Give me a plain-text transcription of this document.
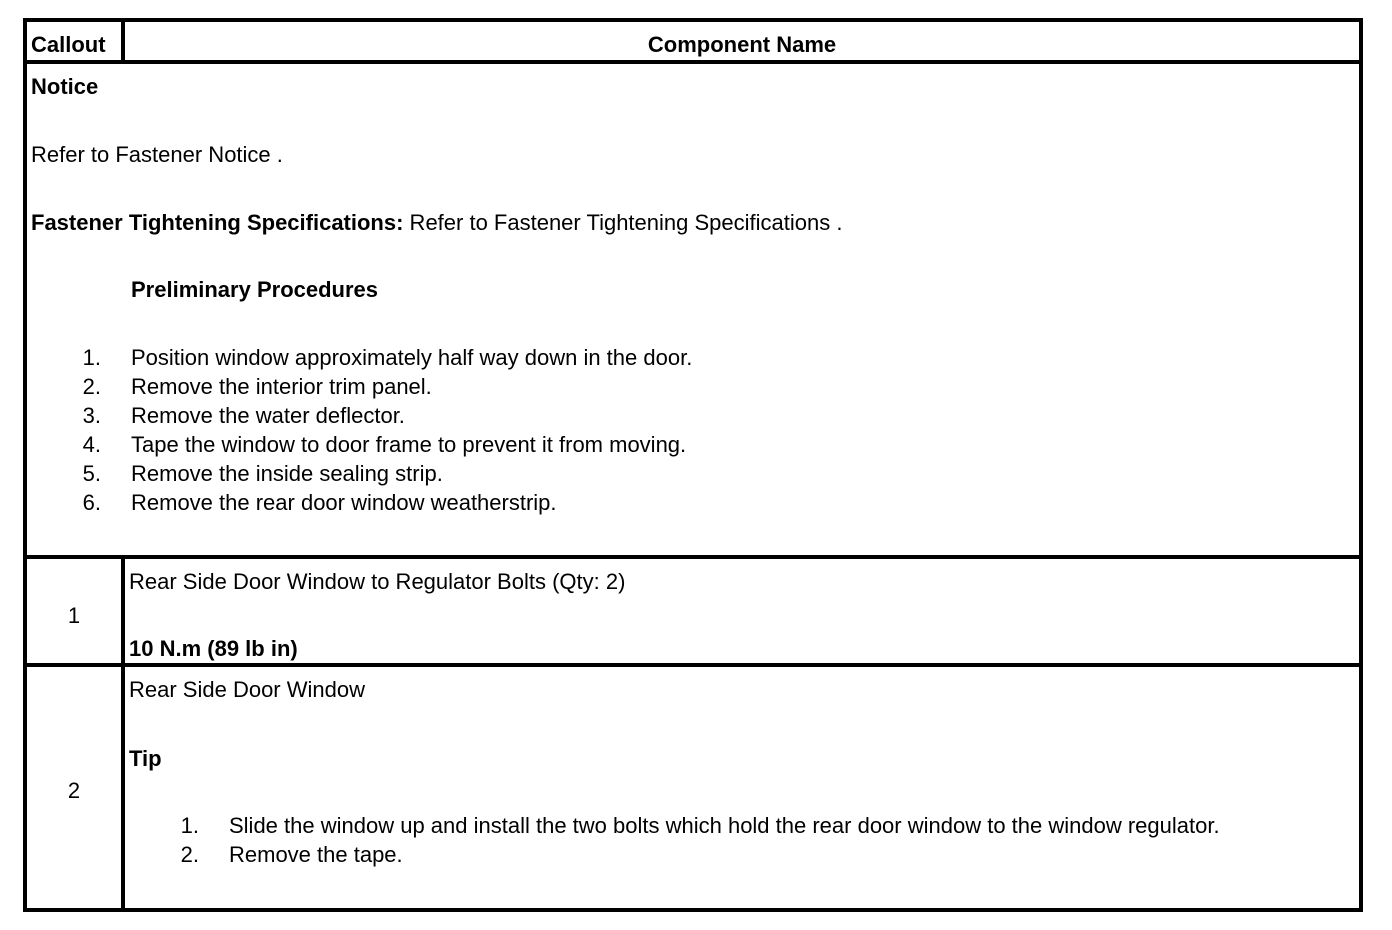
Callout	Component Name
Notice
Refer to Fastener Notice .
Fastener Tightening Specifications: Refer to Fastener Tightening Specifications .
Preliminary Procedures
1. Position window approximately half way down in the door.
2. Remove the interior trim panel.
3. Remove the water deflector.
4. Tape the window to door frame to prevent it from moving.
5. Remove the inside sealing strip.
6. Remove the rear door window weatherstrip.
1
Rear Side Door Window to Regulator Bolts (Qty: 2)
10 N.m (89 lb in)
2
Rear Side Door Window
Tip
1. Slide the window up and install the two bolts which hold the rear door window to the window regulator.
2. Remove the tape.
